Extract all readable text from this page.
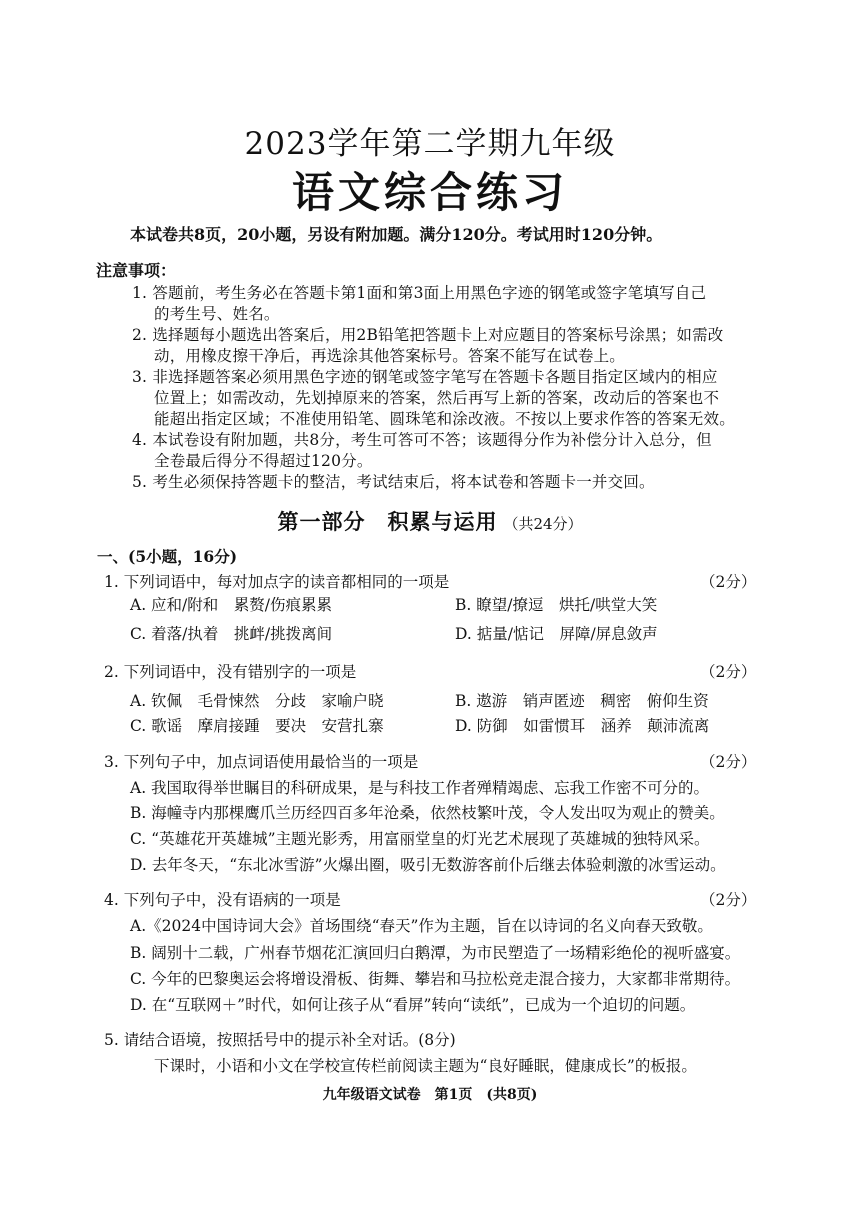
2023学年第二学期九年级
语文综合练习
本试卷共8页，20小题，另设有附加题。满分120分。考试用时120分钟。
注意事项：
1. 答题前，考生务必在答题卡第1面和第3面上用黑色字迹的钢笔或签字笔填写自己
的考生号、姓名。
2. 选择题每小题选出答案后，用2B铅笔把答题卡上对应题目的答案标号涂黑；如需改
动，用橡皮擦干净后，再选涂其他答案标号。答案不能写在试卷上。
3. 非选择题答案必须用黑色字迹的钢笔或签字笔写在答题卡各题目指定区域内的相应
位置上；如需改动，先划掉原来的答案，然后再写上新的答案，改动后的答案也不
能超出指定区域；不准使用铅笔、圆珠笔和涂改液。不按以上要求作答的答案无效。
4. 本试卷设有附加题，共8分，考生可答可不答；该题得分作为补偿分计入总分，但
全卷最后得分不得超过120分。
5. 考生必须保持答题卡的整洁，考试结束后，将本试卷和答题卡一并交回。
第一部分　积累与运用 （共24分）
一、(5小题，16分)
1. 下列词语中，每对加点字的读音都相同的一项是	（2分）
A. 应和/附和　累赘/伤痕累累	B. 瞭望/撩逗　烘托/哄堂大笑
C. 着落/执着　挑衅/挑拨离间	D. 掂量/惦记　屏障/屏息敛声
2. 下列词语中，没有错别字的一项是	（2分）
A. 钦佩　毛骨悚然　分歧　家喻户晓	B. 遨游　销声匿迹　稠密　俯仰生资
C. 歌谣　摩肩接踵　要决　安营扎寨	D. 防御　如雷惯耳　涵养　颠沛流离
3. 下列句子中，加点词语使用最恰当的一项是	（2分）
A. 我国取得举世瞩目的科研成果，是与科技工作者殚精竭虑、忘我工作密不可分的。
B. 海幢寺内那棵鹰爪兰历经四百多年沧桑，依然枝繁叶茂，令人发出叹为观止的赞美。
C. “英雄花开英雄城”主题光影秀，用富丽堂皇的灯光艺术展现了英雄城的独特风采。
D. 去年冬天，“东北冰雪游”火爆出圈，吸引无数游客前仆后继去体验刺激的冰雪运动。
4. 下列句子中，没有语病的一项是	（2分）
A.《2024中国诗词大会》首场围绕“春天”作为主题，旨在以诗词的名义向春天致敬。
B. 阔别十二载，广州春节烟花汇演回归白鹅潭，为市民塑造了一场精彩绝伦的视听盛宴。
C. 今年的巴黎奥运会将增设滑板、街舞、攀岩和马拉松竞走混合接力，大家都非常期待。
D. 在“互联网＋”时代，如何让孩子从“看屏”转向“读纸”，已成为一个迫切的问题。
5. 请结合语境，按照括号中的提示补全对话。(8分)
下课时，小语和小文在学校宣传栏前阅读主题为“良好睡眠，健康成长”的板报。
九年级语文试卷　第1页　(共8页)
